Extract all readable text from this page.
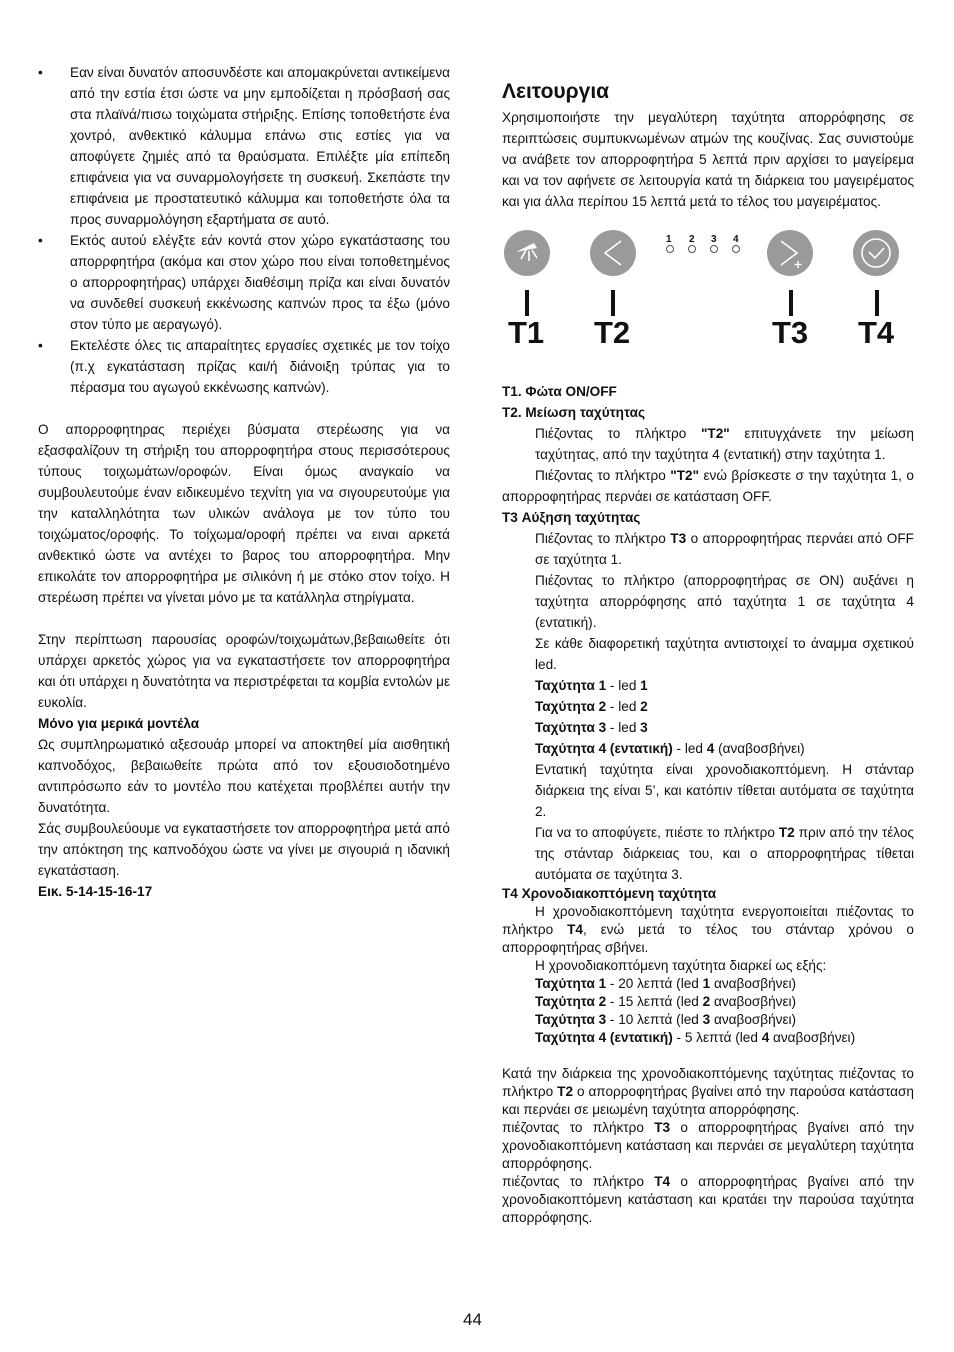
•	Εαν είναι δυνατόν αποσυνδέστε και απομακρύνεται αντικείμενα από την εστία έτσι ώστε να μην εμποδίζεται η πρόσβασή σας στα πλαϊνά/πισω τοιχώματα στήριξης. Επίσης τοποθετήστε ένα χοντρό, ανθεκτικό κάλυμμα επάνω στις εστίες για να αποφύγετε ζημιές από τα θραύσματα. Επιλέξτε μία επίπεδη επιφάνεια για να συναρμολογήσετε τη συσκευή. Σκεπάστε την επιφάνεια με προστατευτικό κάλυμμα και τοποθετήστε όλα τα προς συναρμολόγηση εξαρτήματα σε αυτό.
•	Εκτός αυτού ελέγξτε εάν κοντά στον χώρο εγκατάστασης του απορρφητήρα (ακόμα και στον χώρο που είναι τοποθετημένος ο απορροφητήρας) υπάρχει διαθέσιμη πρίζα και είναι δυνατόν να συνδεθεί συσκευή εκκένωσης καπνών προς τα έξω (μόνο στον τύπο με αεραγωγό).
•	Εκτελέστε όλες τις απαραίτητες εργασίες σχετικές με τον τοίχο (π.χ εγκατάσταση πρίζας και/ή διάνοιξη τρύπας για το πέρασμα του αγωγού εκκένωσης καπνών).

Ο απορροφητηρας περιέχει βύσματα στερέωσης για να εξασφαλίζουν τη στήριξη του απορροφητήρα στους περισσότερους τύπους τοιχωμάτων/οροφών. Είναι όμως αναγκαίο να συμβουλευτούμε έναν ειδικευμένο τεχνίτη για να σιγουρευτούμε για την καταλληλότητα των υλικών ανάλογα με τον τύπο του τοιχώματος/οροφής. Το τοίχωμα/οροφή πρέπει να ειναι αρκετά ανθεκτικό ώστε να αντέχει το βαρος του απορροφητήρα. Μην επικολάτε τον απορροφητήρα με σιλικόνη ή με στόκο στον τοίχο. Η στερέωση πρέπει να γίνεται μόνο με τα κατάλληλα στηρίγματα.

Στην περίπτωση παρουσίας οροφών/τοιχωμάτων,βεβαιωθείτε ότι υπάρχει αρκετός χώρος για να εγκαταστήσετε τον απορροφητήρα και ότι υπάρχει η δυνατότητα να περιστρέφεται τα κομβία εντολών με ευκολία.

Μόνο για μερικά μοντέλα

Ως συμπληρωματικό αξεσουάρ μπορεί να αποκτηθεί μία αισθητική καπνοδόχος, βεβαιωθείτε πρώτα από τον εξουσιοδοτημένο αντιπρόσωπο εάν το μοντέλο που κατέχεται προβλέπει αυτήν την δυνατότητα.

Σάς συμβουλεύουμε να εγκαταστήσετε τον απορροφητήρα μετά από την απόκτηση της καπνοδόχου ώστε να γίνει με σιγουριά η ιδανική εγκατάσταση.

Εικ. 5-14-15-16-17

Λειτουργια

Χρησιμοποιήστε την μεγαλύτερη ταχύτητα απορρόφησης σε περιπτώσεις συμπυκνωμένων ατμών της κουζίνας. Σας συνιστούμε να ανάβετε τον απορροφητήρα 5 λεπτά πριν αρχίσει το μαγείρεμα και να τον αφήνετε σε λειτουργία κατά τη διάρκεια του μαγειρέματος και για άλλα περίπου 15 λεπτά μετά το τέλος του μαγειρέματος.

1 2 3 4
T1 T2	T3 T4

T1. Φώτα ON/OFF

T2. Μείωση ταχύτητας

Πιέζοντας το πλήκτρο "T2" επιτυγχάνετε την μείωση ταχύτητας, από την ταχύτητα 4 (εντατική) στην ταχύτητα 1.

Πιέζοντας το πλήκτρο "T2" ενώ βρίσκεστε σ την ταχύτητα 1, ο απορροφητήρας περνάει σε κατάσταση OFF.

T3 Αύξηση ταχύτητας

Πιέζοντας το πλήκτρο T3 ο απορροφητήρας περνάει από OFF σε ταχύτητα 1.

Πιέζοντας το πλήκτρο (απορροφητήρας σε ON) αυξάνει η ταχύτητα απορρόφησης από ταχύτητα 1 σε ταχύτητα 4 (εντατική).

Σε κάθε διαφορετική ταχύτητα αντιστοιχεί το άναμμα σχετικού led.

Ταχύτητα 1 - led 1

Ταχύτητα 2 - led 2

Ταχύτητα 3 - led 3

Ταχύτητα 4 (εντατική) - led 4 (αναβοσβήνει)

Εντατική ταχύτητα είναι χρονοδιακοπτόμενη. Η στάνταρ διάρκεια της είναι 5’, και κατόπιν τίθεται αυτόματα σε ταχύτητα 2.

Για να το αποφύγετε, πιέστε το πλήκτρο T2 πριν από την τέλος της στάνταρ διάρκειας του, και ο απορροφητήρας τίθεται αυτόματα σε ταχύτητα 3.

T4 Χρονοδιακοπτόμενη ταχύτητα

Η χρονοδιακοπτόμενη ταχύτητα ενεργοποιείται πιέζοντας το πλήκτρο T4, ενώ μετά το τέλος του στάνταρ χρόνου ο απορροφητήρας σβήνει.

Η χρονοδιακοπτόμενη ταχύτητα διαρκεί ως εξής:

Ταχύτητα 1 - 20 λεπτά (led 1 αναβοσβήνει)

Ταχύτητα 2 - 15 λεπτά (led 2 αναβοσβήνει)

Ταχύτητα 3 - 10 λεπτά (led 3 αναβοσβήνει)

Ταχύτητα 4 (εντατική) - 5 λεπτά (led 4 αναβοσβήνει)

Κατά την διάρκεια της χρονοδιακοπτόμενης ταχύτητας πιέζοντας το πλήκτρο T2 ο απορροφητήρας βγαίνει από την παρούσα κατάσταση και περνάει σε μειωμένη ταχύτητα απορρόφησης.

πιέζοντας το πλήκτρο T3 ο απορροφητήρας βγαίνει από την χρονοδιακοπτόμενη κατάσταση και περνάει σε μεγαλύτερη ταχύτητα απορρόφησης.

πιέζοντας το πλήκτρο T4 ο απορροφητήρας βγαίνει από την χρονοδιακοπτόμενη κατάσταση και κρατάει την παρούσα ταχύτητα απορρόφησης.

44
